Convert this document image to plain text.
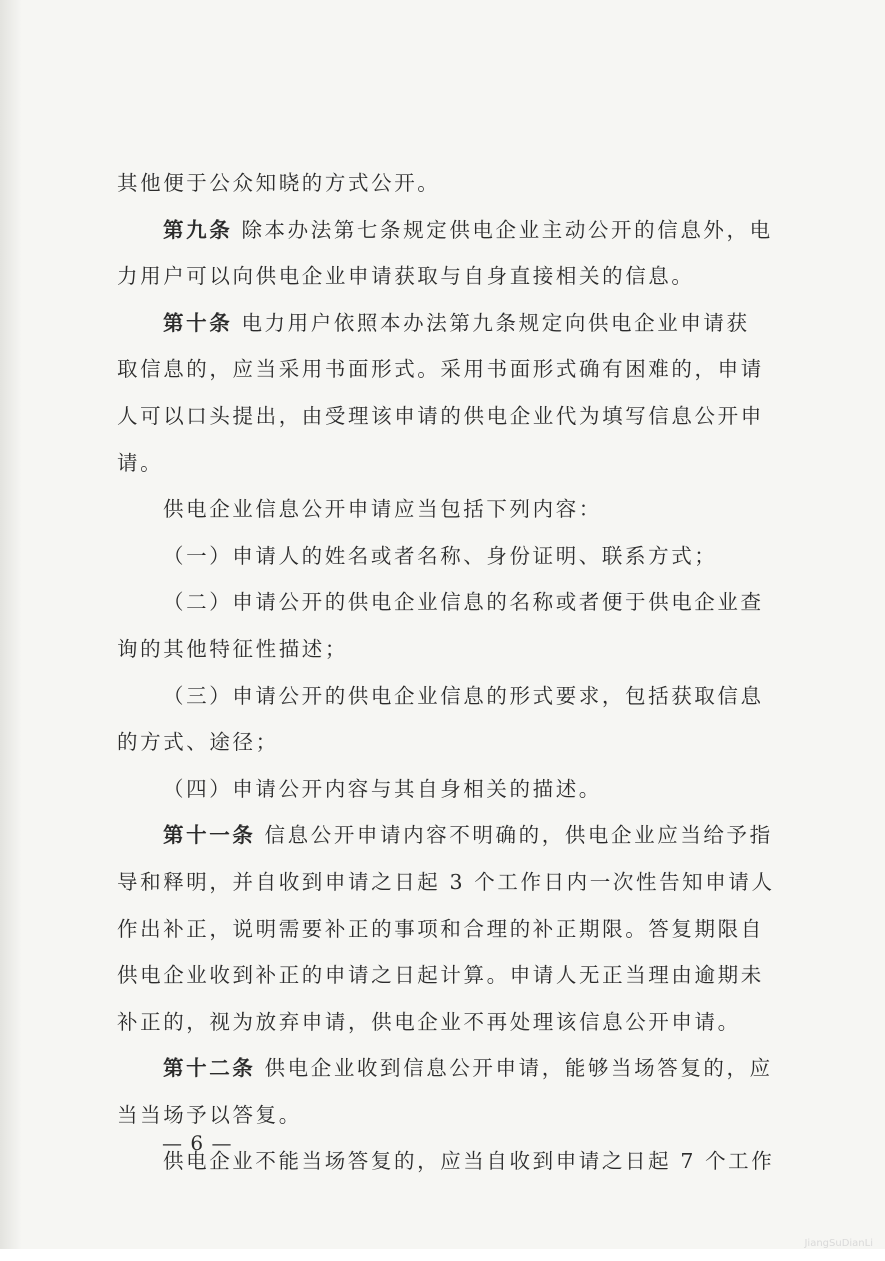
其他便于公众知晓的方式公开。
第九条 除本办法第七条规定供电企业主动公开的信息外，电
力用户可以向供电企业申请获取与自身直接相关的信息。
第十条 电力用户依照本办法第九条规定向供电企业申请获
取信息的，应当采用书面形式。采用书面形式确有困难的，申请
人可以口头提出，由受理该申请的供电企业代为填写信息公开申
请。
供电企业信息公开申请应当包括下列内容：
（一）申请人的姓名或者名称、身份证明、联系方式；
（二）申请公开的供电企业信息的名称或者便于供电企业查
询的其他特征性描述；
（三）申请公开的供电企业信息的形式要求，包括获取信息
的方式、途径；
（四）申请公开内容与其自身相关的描述。
第十一条 信息公开申请内容不明确的，供电企业应当给予指
导和释明，并自收到申请之日起 3 个工作日内一次性告知申请人
作出补正，说明需要补正的事项和合理的补正期限。答复期限自
供电企业收到补正的申请之日起计算。申请人无正当理由逾期未
补正的，视为放弃申请，供电企业不再处理该信息公开申请。
第十二条 供电企业收到信息公开申请，能够当场答复的，应
当当场予以答复。
供电企业不能当场答复的，应当自收到申请之日起 7 个工作
— 6 —
JiangSuDianLi
